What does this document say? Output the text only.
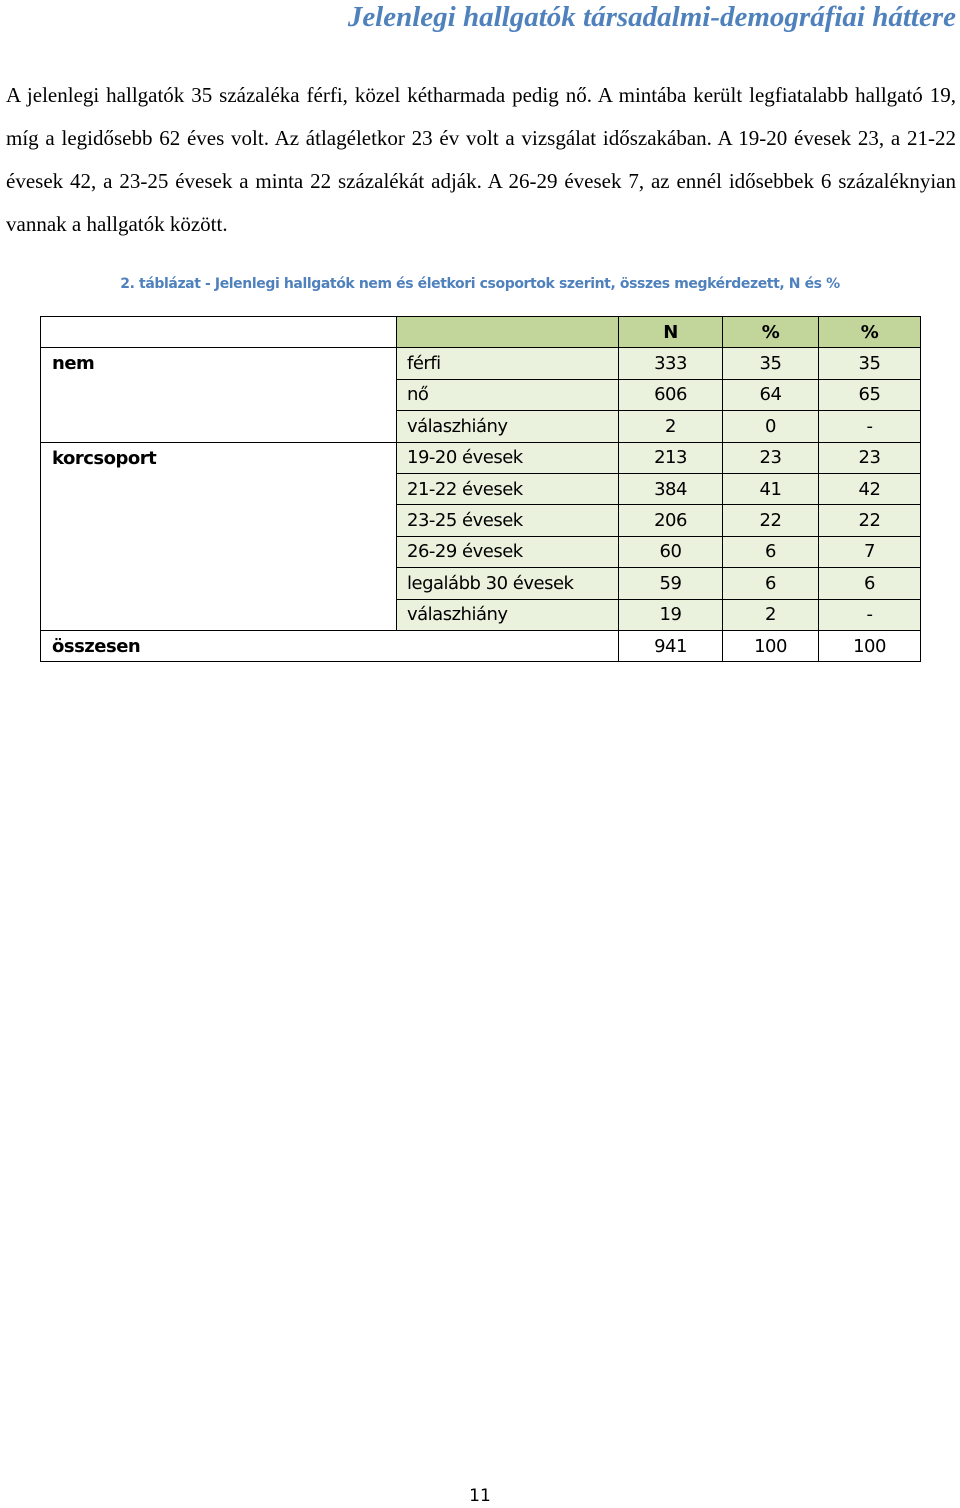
Jelenlegi hallgatók társadalmi-demográfiai háttere

A jelenlegi hallgatók 35 százaléka férfi, közel kétharmada pedig nő. A mintába került legfiatalabb hallgató 19, míg a legidősebb 62 éves volt. Az átlagéletkor 23 év volt a vizsgálat időszakában. A 19-20 évesek 23, a 21-22 évesek 42, a 23-25 évesek a minta 22 százalékát adják. A 26-29 évesek 7, az ennél idősebbek 6 százaléknyian vannak a hallgatók között.

2. táblázat - Jelenlegi hallgatók nem és életkori csoportok szerint, összes megkérdezett, N és %
		N	%	%
nem	férfi	333	35	35
	nő	606	64	65
	válaszhiány	2	0	-
korcsoport	19-20 évesek	213	23	23
	21-22 évesek	384	41	42
	23-25 évesek	206	22	22
	26-29 évesek	60	6	7
	legalább 30 évesek	59	6	6
	válaszhiány	19	2	-
összesen		941	100	100
11
